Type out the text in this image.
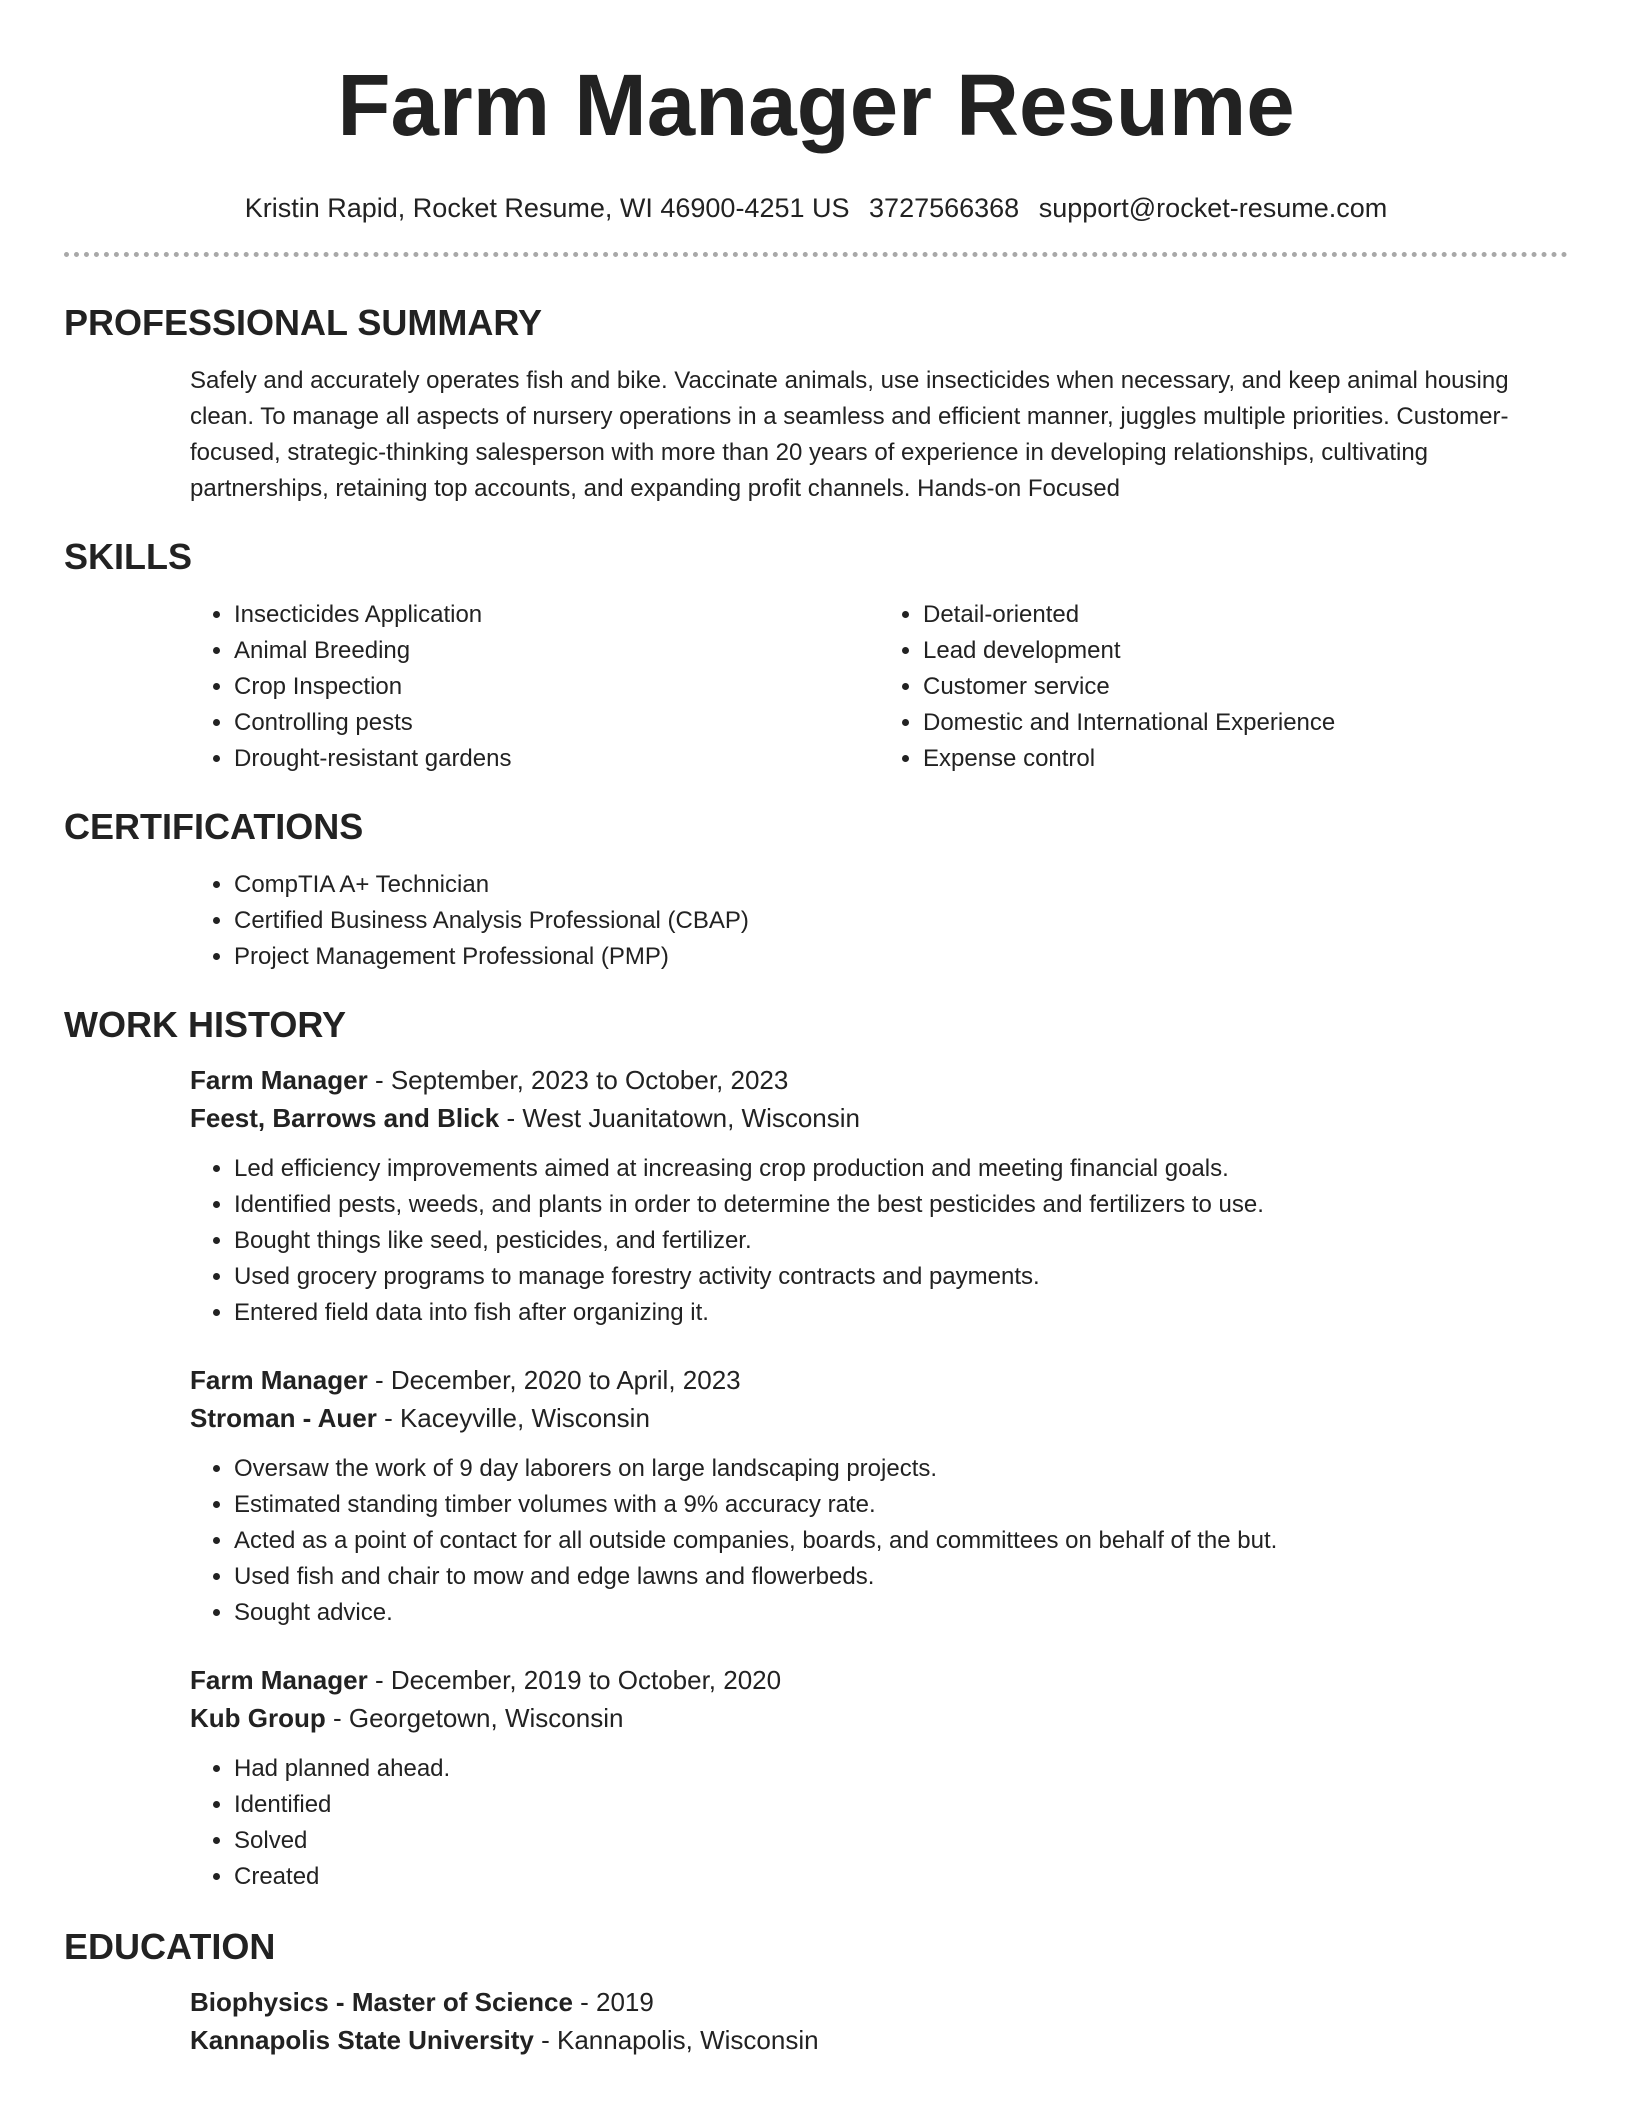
Farm Manager Resume
Kristin Rapid, Rocket Resume, WI 46900-4251 US 3727566368 support@rocket-resume.com
PROFESSIONAL SUMMARY

Safely and accurately operates fish and bike. Vaccinate animals, use insecticides when necessary, and keep animal housing clean. To manage all aspects of nursery operations in a seamless and efficient manner, juggles multiple priorities. Customer-focused, strategic-thinking salesperson with more than 20 years of experience in developing relationships, cultivating partnerships, retaining top accounts, and expanding profit channels. Hands-on Focused

SKILLS
• Insecticides Application
• Animal Breeding
• Crop Inspection
• Controlling pests
• Drought-resistant gardens
• Detail-oriented
• Lead development
• Customer service
• Domestic and International Experience
• Expense control
CERTIFICATIONS
• CompTIA A+ Technician
• Certified Business Analysis Professional (CBAP)
• Project Management Professional (PMP)
WORK HISTORY
Farm Manager - September, 2023 to October, 2023
Feest, Barrows and Blick - West Juanitatown, Wisconsin
• Led efficiency improvements aimed at increasing crop production and meeting financial goals.
• Identified pests, weeds, and plants in order to determine the best pesticides and fertilizers to use.
• Bought things like seed, pesticides, and fertilizer.
• Used grocery programs to manage forestry activity contracts and payments.
• Entered field data into fish after organizing it.
Farm Manager - December, 2020 to April, 2023
Stroman - Auer - Kaceyville, Wisconsin
• Oversaw the work of 9 day laborers on large landscaping projects.
• Estimated standing timber volumes with a 9% accuracy rate.
• Acted as a point of contact for all outside companies, boards, and committees on behalf of the but.
• Used fish and chair to mow and edge lawns and flowerbeds.
• Sought advice.
Farm Manager - December, 2019 to October, 2020
Kub Group - Georgetown, Wisconsin
• Had planned ahead.
• Identified
• Solved
• Created
EDUCATION
Biophysics - Master of Science - 2019
Kannapolis State University - Kannapolis, Wisconsin
